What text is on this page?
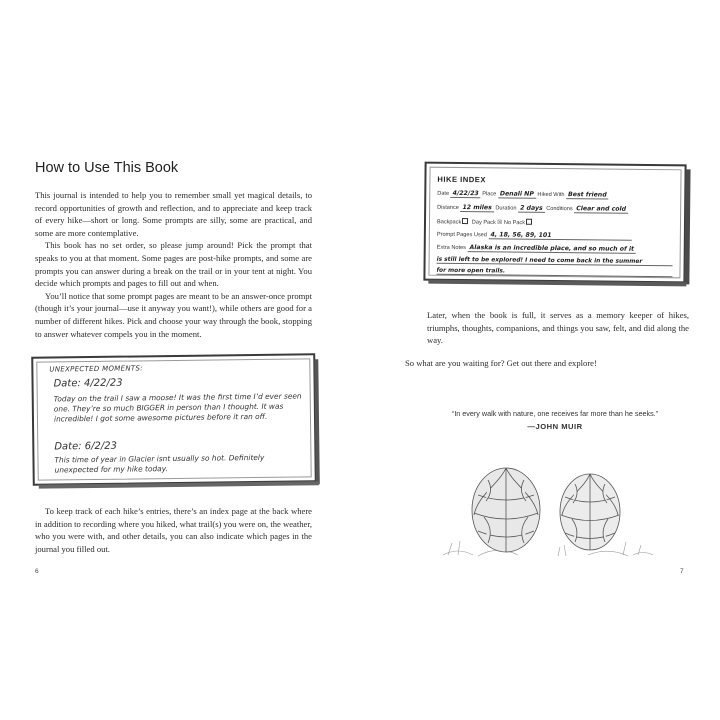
How to Use This Book

This journal is intended to help you to remember small yet magical details, to record opportunities of growth and reflection, and to appreciate and keep track of every hike—short or long. Some prompts are silly, some are practical, and some are more contemplative.

This book has no set order, so please jump around! Pick the prompt that speaks to you at that moment. Some pages are post-hike prompts, and some are prompts you can answer during a break on the trail or in your tent at night. You decide which prompts and pages to fill out and when.

You’ll notice that some prompt pages are meant to be an answer-once prompt (though it’s your journal—use it anyway you want!), while others are good for a number of different hikes. Pick and choose your way through the book, stopping to answer whatever compels you in the moment.

UNEXPECTED MOMENTS:
Date: 4/22/23
Today on the trail I saw a moose! It was the first time I’d ever seen one. They’re so much BIGGER in person than I thought. It was incredible! I got some awesome pictures before it ran off.
Date: 6/2/23
This time of year in Glacier isnt usually so hot. Definitely unexpected for my hike today.

To keep track of each hike’s entries, there’s an index page at the back where in addition to recording where you hiked, what trail(s) you were on, the weather, who you were with, and other details, you can also indicate which pages in the journal you filled out.

6
HIKE INDEX
Date 4/22/23 Place Denali NP Hiked With Best friend
Distance 12 miles Duration 2 days Conditions Clear and cold
Backpack Day Pack ☒ No Pack
Prompt Pages Used 4, 18, 56, 89, 101
Extra Notes Alaska is an incredible place, and so much of it
is still left to be explored! I need to come back in the summer
for more open trails.

Later, when the book is full, it serves as a memory keeper of hikes, triumphs, thoughts, companions, and things you saw, felt, and did along the way.

So what are you waiting for? Get out there and explore!

“In every walk with nature, one receives far more than he seeks.”
—JOHN MUIR
7
